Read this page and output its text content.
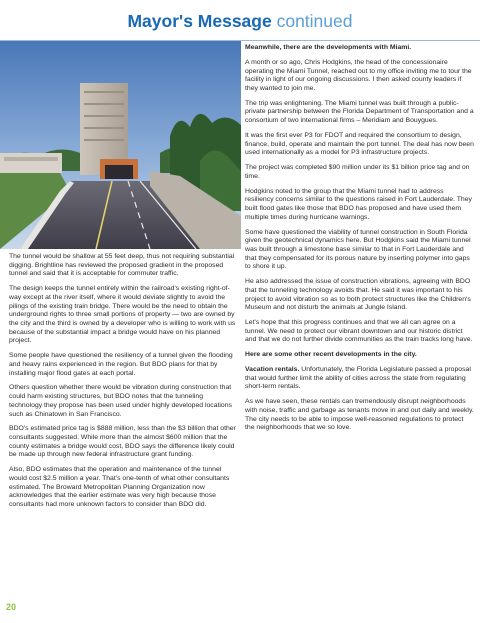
Mayor's Message continued

The tunnel would be shallow at 55 feet deep, thus not requiring substantial digging. Brightline has reviewed the proposed gradient in the proposed tunnel and said that it is acceptable for commuter traffic.

The design keeps the tunnel entirely within the railroad's existing right-of-way except at the river itself, where it would deviate slightly to avoid the pilings of the existing train bridge. There would be the need to obtain the underground rights to three small portions of property — two are owned by the city and the third is owned by a developer who is willing to work with us because of the substantial impact a bridge would have on his planned project.

Some people have questioned the resiliency of a tunnel given the flooding and heavy rains experienced in the region. But BDO plans for that by installing major flood gates at each portal.

Others question whether there would be vibration during construction that could harm existing structures, but BDO notes that the tunneling technology they propose has been used under highly developed locations such as Chinatown in San Francisco.

BDO's estimated price tag is $888 million, less than the $3 billion that other consultants suggested. While more than the almost $600 million that the county estimates a bridge would cost, BDO says the difference likely could be made up through new federal infrastructure grant funding.

Also, BDO estimates that the operation and maintenance of the tunnel would cost $2.5 million a year. That's one-tenth of what other consultants estimated. The Broward Metropolitan Planning Organization now acknowledges that the earlier estimate was very high because those consultants had more unknown factors to consider than BDO did.

Meanwhile, there are the developments with Miami.

A month or so ago, Chris Hodgkins, the head of the concessionaire operating the Miami Tunnel, reached out to my office inviting me to tour the facility in light of our ongoing discussions. I then asked county leaders if they wanted to join me.

The trip was enlightening. The Miami tunnel was built through a public-private partnership between the Florida Department of Transportation and a consortium of two international firms – Meridiam and Bouygues.

It was the first ever P3 for FDOT and required the consortium to design, finance, build, operate and maintain the port tunnel. The deal has now been used internationally as a model for P3 infrastructure projects.

The project was completed $90 million under its $1 billion price tag and on time.

Hodgkins noted to the group that the Miami tunnel had to address resiliency concerns similar to the questions raised in Fort Lauderdale. They built flood gates like those that BDO has proposed and have used them multiple times during hurricane warnings.

Some have questioned the viability of tunnel construction in South Florida given the geotechnical dynamics here. But Hodgkins said the Miami tunnel was built through a limestone base similar to that in Fort Lauderdale and that they compensated for its porous nature by inserting polymer into gaps to shore it up.

He also addressed the issue of construction vibrations, agreeing with BDO that the tunneling technology avoids that. He said it was important to his project to avoid vibration so as to both protect structures like the Children's Museum and not disturb the animals at Jungle Island.

Let's hope that this progress continues and that we all can agree on a tunnel. We need to protect our vibrant downtown and our historic district and that we do not further divide communities as the train tracks long have.

Here are some other recent developments in the city.

Vacation rentals. Unfortunately, the Florida Legislature passed a proposal that would further limit the ability of cities across the state from regulating short-term rentals.

As we have seen, these rentals can tremendously disrupt neighborhoods with noise, traffic and garbage as tenants move in and out daily and weekly. The city needs to be able to impose well-reasoned regulations to protect the neighborhoods that we so love.

20
